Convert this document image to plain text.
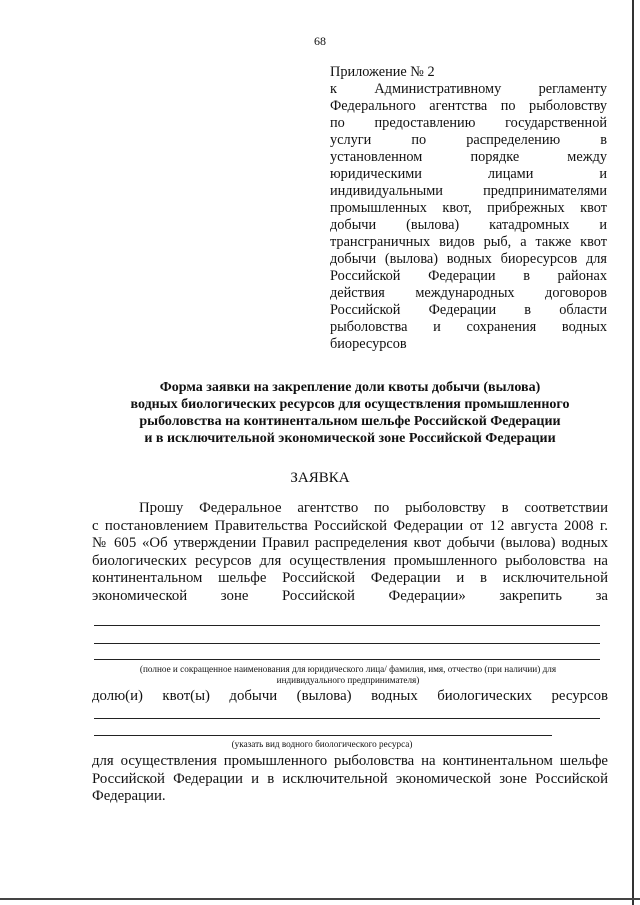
68
Приложение № 2
к Административному регламенту
Федерального агентства по рыболовству
по предоставлению государственной
услуги по распределению в
установленном порядке между
юридическими лицами и
индивидуальными предпринимателями
промышленных квот, прибрежных квот
добычи (вылова) катадромных и
трансграничных видов рыб, а также квот
добычи (вылова) водных биоресурсов для
Российской Федерации в районах
действия международных договоров
Российской Федерации в области
рыболовства и сохранения водных
биоресурсов
Форма заявки на закрепление доли квоты добычи (вылова)
водных биологических ресурсов для осуществления промышленного
рыболовства на континентальном шельфе Российской Федерации
и в исключительной экономической зоне Российской Федерации
ЗАЯВКА
Прошу Федеральное агентство по рыболовству в соответствии
с постановлением Правительства Российской Федерации от 12 августа 2008 г.
№ 605 «Об утверждении Правил распределения квот добычи (вылова) водных
биологических ресурсов для осуществления промышленного рыболовства на
континентальном шельфе Российской Федерации и в исключительной
экономической зоне Российской Федерации» закрепить за
(полное и сокращенное наименования для юридического лица/ фамилия, имя, отчество (при наличии) для
индивидуального предпринимателя)
долю(и) квот(ы) добычи (вылова) водных биологических ресурсов
(указать вид водного биологического ресурса)
для осуществления промышленного рыболовства на континентальном шельфе
Российской Федерации и в исключительной экономической зоне Российской
Федерации.
